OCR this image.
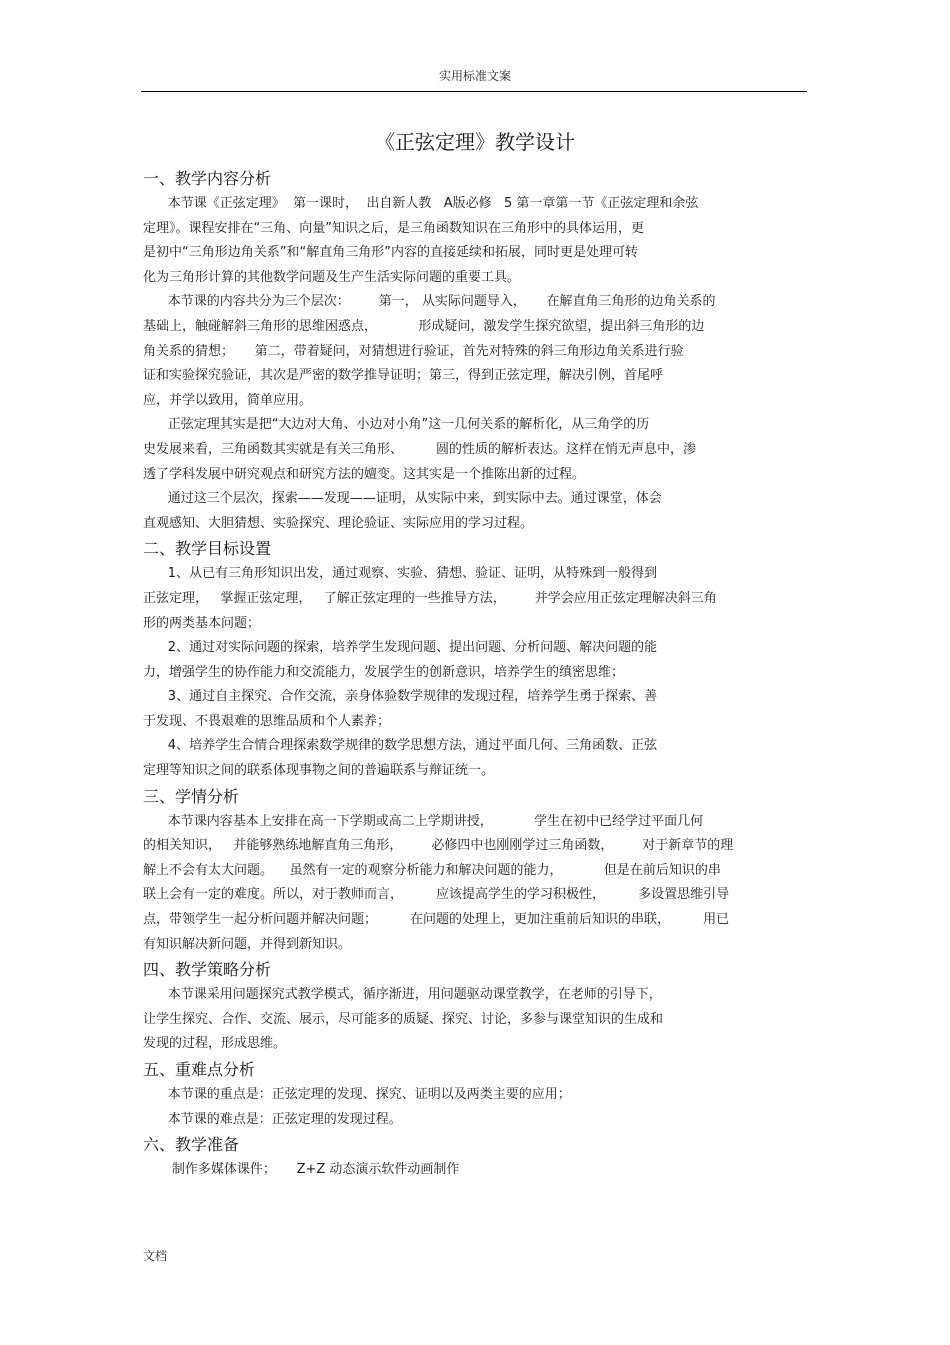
实用标准文案
《正弦定理》教学设计
一、教学内容分析
本节课《正弦定理》  第一课时，  出自新人教   A版必修   5 第一章第一节《正弦定理和余弦
定理》。课程安排在“三角、向量”知识之后，是三角函数知识在三角形中的具体运用，更
是初中“三角形边角关系”和“解直角三角形”内容的直接延续和拓展，同时更是处理可转
化为三角形计算的其他数学问题及生产生活实际问题的重要工具。
本节课的内容共分为三个层次：       第一， 从实际问题导入，     在解直角三角形的边角关系的
基础上，触碰解斜三角形的思维困惑点，          形成疑问，激发学生探究欲望，提出斜三角形的边
角关系的猜想；     第二，带着疑问，对猜想进行验证，首先对特殊的斜三角形边角关系进行验
证和实验探究验证，其次是严密的数学推导证明；第三，得到正弦定理，解决引例，首尾呼
应，并学以致用，简单应用。
正弦定理其实是把“大边对大角、小边对小角”这一几何关系的解析化，从三角学的历
史发展来看，三角函数其实就是有关三角形、        圆的性质的解析表达。这样在悄无声息中，渗
透了学科发展中研究观点和研究方法的嬗变。这其实是一个推陈出新的过程。
通过这三个层次，探索——发现——证明，从实际中来，到实际中去。通过课堂，体会
直观感知、大胆猜想、实验探究、理论验证、实际应用的学习过程。
二、教学目标设置
1、从已有三角形知识出发，通过观察、实验、猜想、验证、证明，从特殊到一般得到
正弦定理，   掌握正弦定理，   了解正弦定理的一些推导方法，       并学会应用正弦定理解决斜三角
形的两类基本问题；
2、通过对实际问题的探索，培养学生发现问题、提出问题、分析问题、解决问题的能
力，增强学生的协作能力和交流能力，发展学生的创新意识，培养学生的缜密思维；
3、通过自主探究、合作交流，亲身体验数学规律的发现过程，培养学生勇于探索、善
于发现、不畏艰难的思维品质和个人素养；
4、培养学生合情合理探索数学规律的数学思想方法，通过平面几何、三角函数、正弦
定理等知识之间的联系体现事物之间的普遍联系与辩证统一。
三、学情分析
本节课内容基本上安排在高一下学期或高二上学期讲授，          学生在初中已经学过平面几何
的相关知识，   并能够熟练地解直角三角形，       必修四中也刚刚学过三角函数，       对于新章节的理
解上不会有太大问题。    虽然有一定的观察分析能力和解决问题的能力，          但是在前后知识的串
联上会有一定的难度。所以，对于教师而言，        应该提高学生的学习积极性，        多设置思维引导
点，带领学生一起分析问题并解决问题；        在问题的处理上，更加注重前后知识的串联，        用已
有知识解决新问题，并得到新知识。
四、教学策略分析
本节课采用问题探究式教学模式，循序渐进，用问题驱动课堂教学，在老师的引导下，
让学生探究、合作、交流、展示，尽可能多的质疑、探究、讨论，多参与课堂知识的生成和
发现的过程，形成思维。
五、重难点分析
本节课的重点是：正弦定理的发现、探究、证明以及两类主要的应用；
本节课的难点是：正弦定理的发现过程。
六、教学准备
制作多媒体课件；     Z+Z 动态演示软件动画制作
文档
